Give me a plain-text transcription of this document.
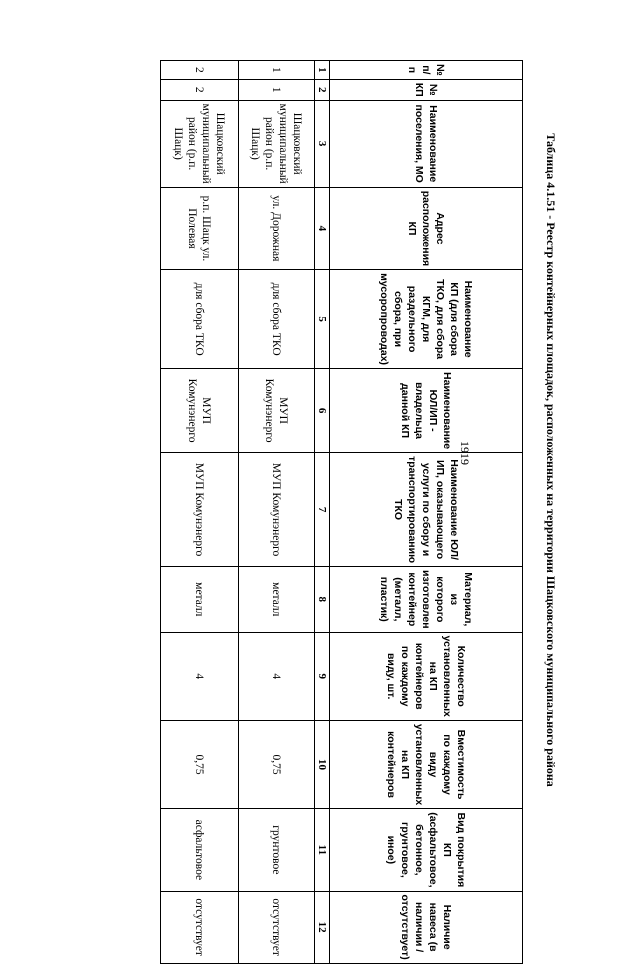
1919	Таблица 4.1.51 - Реестр контейнерных площадок, расположенных на территории Шацковского муниципального района
№ п/п	№ КП	Наименование поселения, МО	Адрес расположения КП	Наименование КП (для сбора ТКО, для сбора КГМ, для раздельного сбора, при мусоропроводах)	Наименование ЮЛ/ИП - владельца данной КП	Наименование ЮЛ/ИП, оказывающего услуги по сбору и транспортированию ТКО	Материал, из которого изготовлен контейнер (металл, пластик)	Количество установленных на КП контейнеров по каждому виду, шт.	Вместимость по каждому виду установленных на КП контейнеров	Вид покрытия КП (асфальтовое, бетонное, грунтовое, иное)	Наличие навеса (в наличии / отсутствует)
1	2	3	4	5	6	7	8	9	10	11	12
1	1	Шацковский муниципальный район (р.п. Шацк)	ул. Дорожная	для сбора ТКО	МУП Комунэнерго	МУП Комунэнерго	металл	4	0,75	грунтовое	отсутствует
2	2	Шацковский муниципальный район (р.п. Шацк)	р.п. Шацк ул. Полевая	для сбора ТКО	МУП Комунэнерго	МУП Комунэнерго	металл	4	0,75	асфальтовое	отсутствует
